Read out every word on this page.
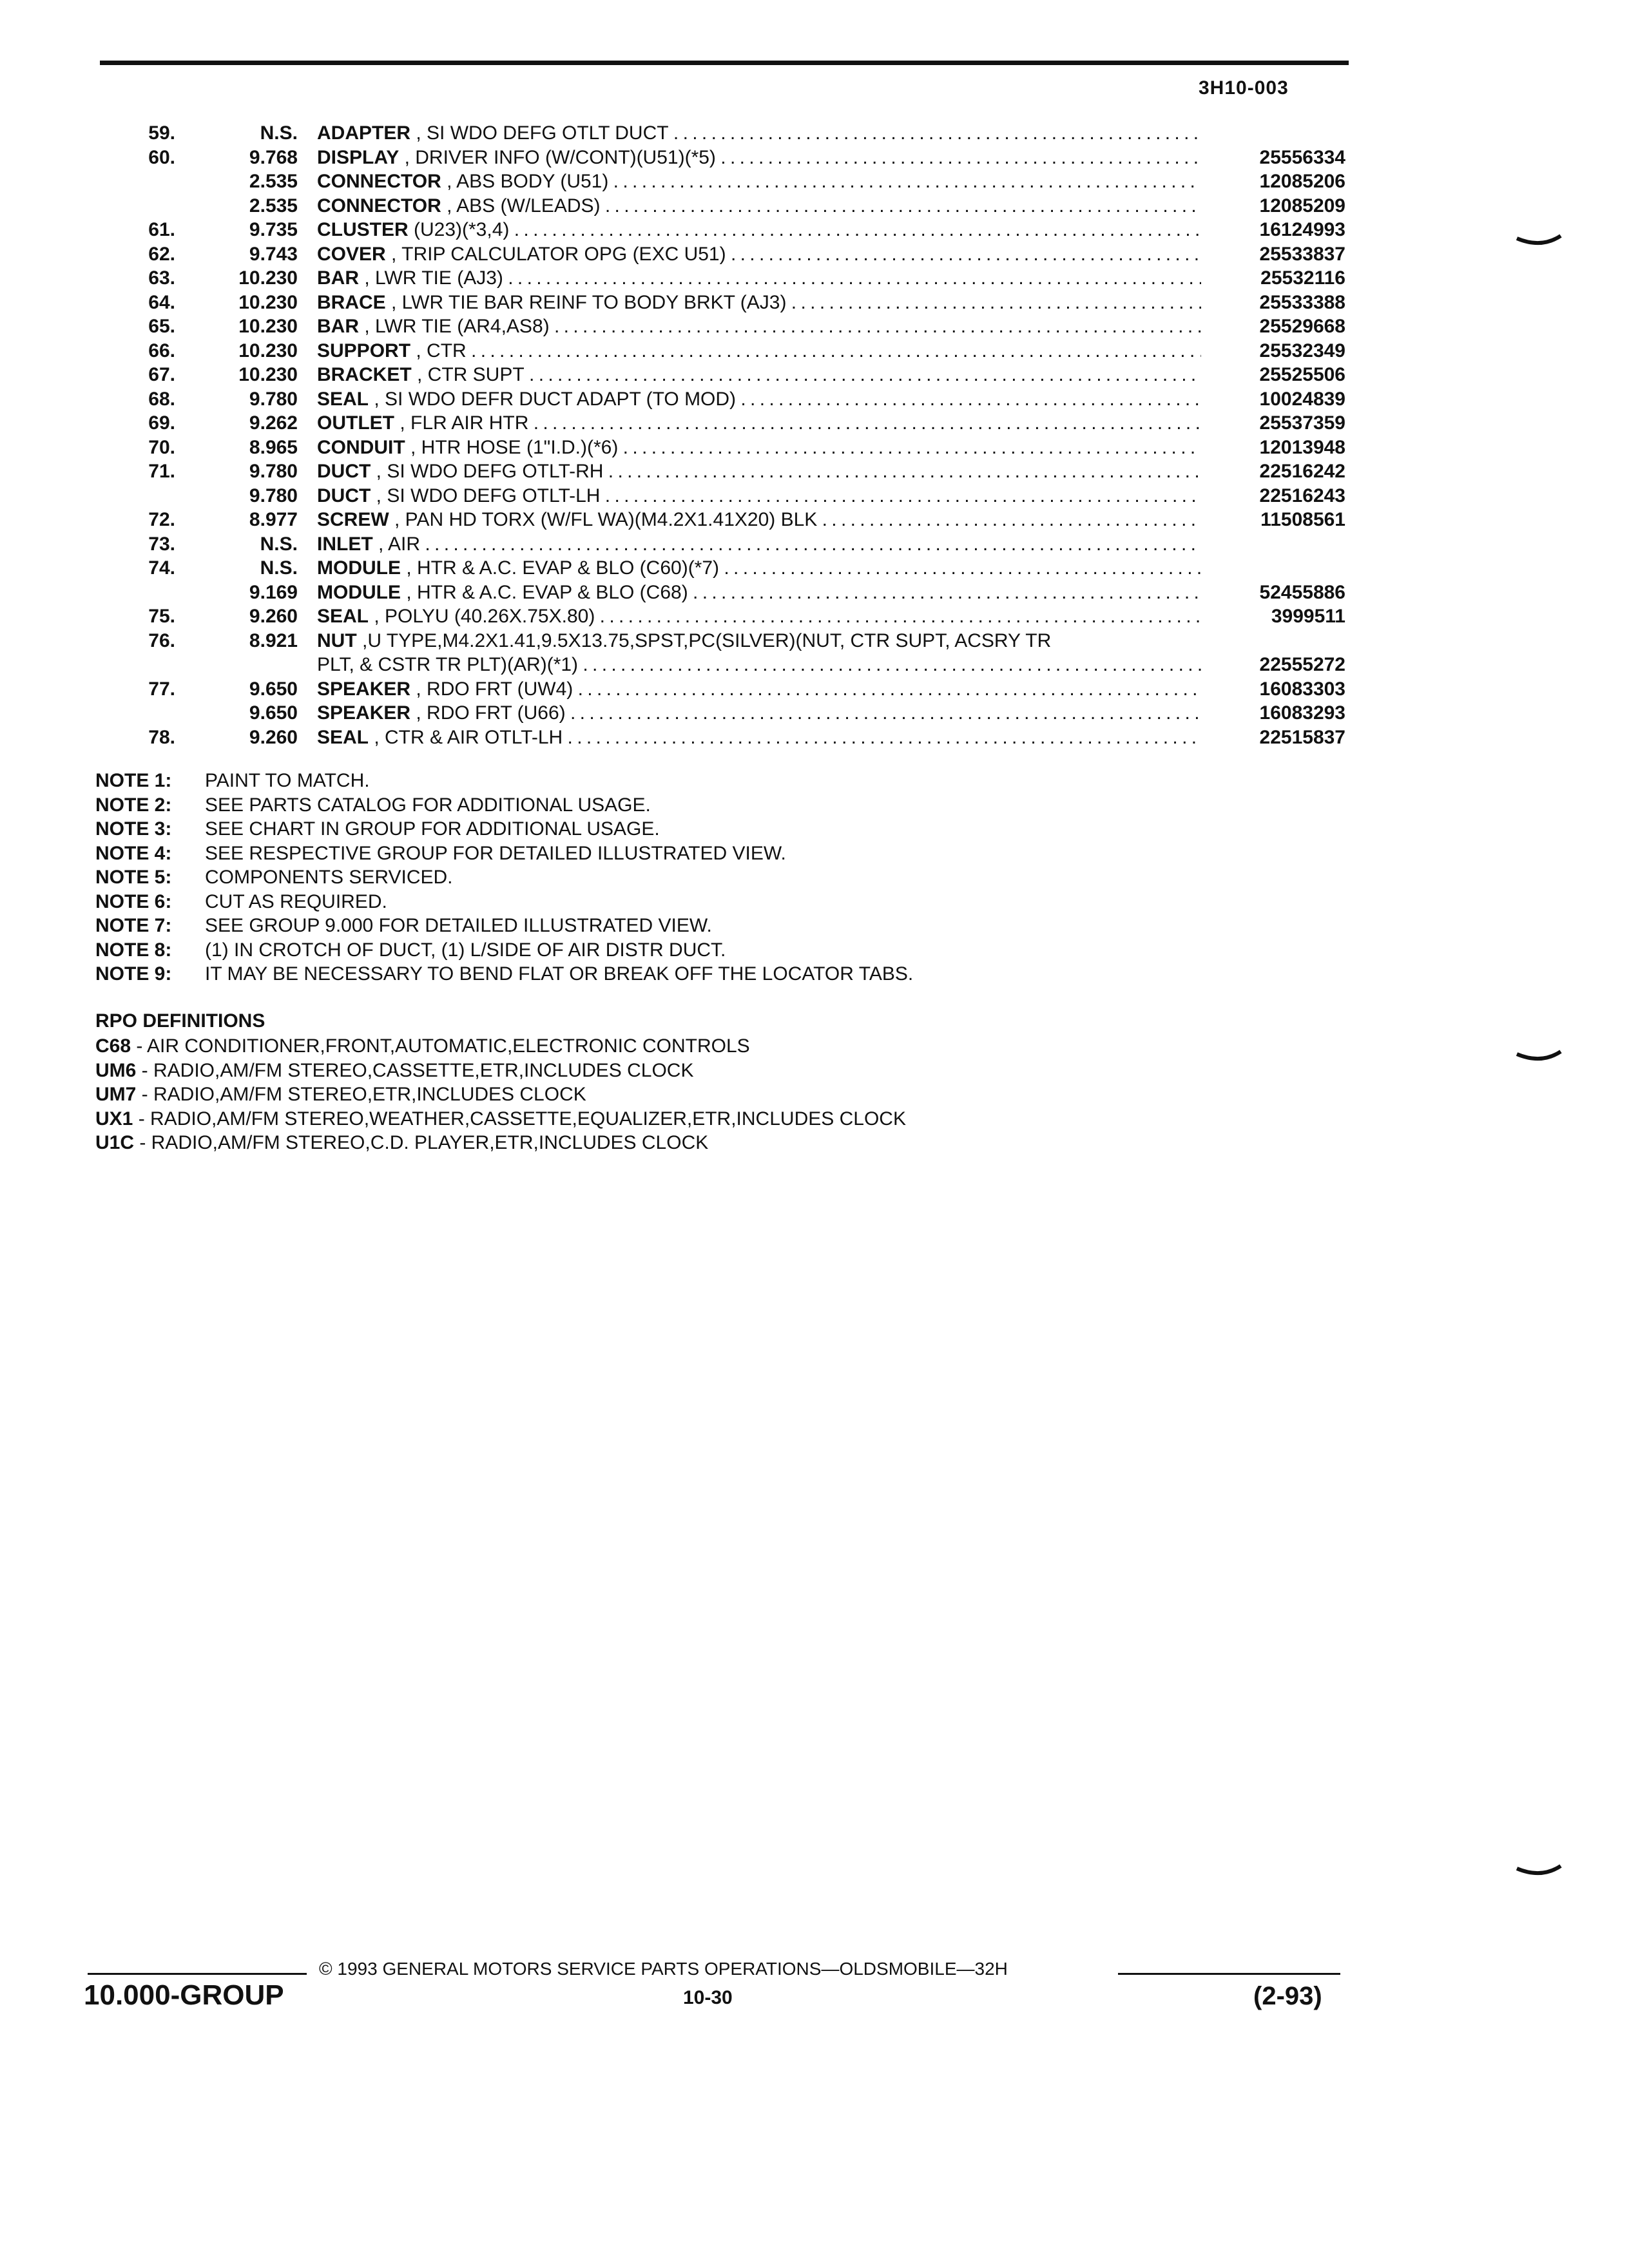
3H10-003
59.	N.S. ADAPTER , SI WDO DEFG OTLT DUCT . . .
60.	9.768 DISPLAY , DRIVER INFO (W/CONT)(U51)(*5) . . .	25556334
2.535 CONNECTOR , ABS BODY (U51) . . .	12085206
2.535 CONNECTOR , ABS (W/LEADS) . . .	12085209
61.	9.735 CLUSTER (U23)(*3,4) . . .	16124993
62.	9.743 COVER , TRIP CALCULATOR OPG (EXC U51) . . .	25533837
63.	10.230 BAR , LWR TIE (AJ3) . . .	25532116
64.	10.230 BRACE , LWR TIE BAR REINF TO BODY BRKT (AJ3) . . .	25533388
65.	10.230 BAR , LWR TIE (AR4,AS8) . . .	25529668
66.	10.230 SUPPORT , CTR . . .	25532349
67.	10.230 BRACKET , CTR SUPT . . .	25525506
68.	9.780 SEAL , SI WDO DEFR DUCT ADAPT (TO MOD) . . .	10024839
69.	9.262 OUTLET , FLR AIR HTR . . .	25537359
70.	8.965 CONDUIT , HTR HOSE (1"I.D.)(*6) . . .	12013948
71.	9.780 DUCT , SI WDO DEFG OTLT-RH . . .	22516242
9.780 DUCT , SI WDO DEFG OTLT-LH . . .	22516243
72.	8.977 SCREW , PAN HD TORX (W/FL WA)(M4.2X1.41X20) BLK . . .	11508561
73.	N.S. INLET , AIR . . .
74.	N.S. MODULE , HTR & A.C. EVAP & BLO (C60)(*7) . . .
9.169 MODULE , HTR & A.C. EVAP & BLO (C68) . . .	52455886
75.	9.260 SEAL , POLYU (40.26X.75X.80) . . .	3999511
76.	8.921 NUT ,U TYPE,M4.2X1.41,9.5X13.75,SPST,PC(SILVER)(NUT, CTR SUPT, ACSRY TR
PLT, & CSTR TR PLT)(AR)(*1) . . .	22555272
77.	9.650 SPEAKER , RDO FRT (UW4) . . .	16083303
9.650 SPEAKER , RDO FRT (U66) . . .	16083293
78.	9.260 SEAL , CTR & AIR OTLT-LH . . .	22515837
NOTE 1: PAINT TO MATCH.
NOTE 2: SEE PARTS CATALOG FOR ADDITIONAL USAGE.
NOTE 3: SEE CHART IN GROUP FOR ADDITIONAL USAGE.
NOTE 4: SEE RESPECTIVE GROUP FOR DETAILED ILLUSTRATED VIEW.
NOTE 5: COMPONENTS SERVICED.
NOTE 6: CUT AS REQUIRED.
NOTE 7: SEE GROUP 9.000 FOR DETAILED ILLUSTRATED VIEW.
NOTE 8: (1) IN CROTCH OF DUCT, (1) L/SIDE OF AIR DISTR DUCT.
NOTE 9: IT MAY BE NECESSARY TO BEND FLAT OR BREAK OFF THE LOCATOR TABS.
RPO DEFINITIONS
C68 - AIR CONDITIONER,FRONT,AUTOMATIC,ELECTRONIC CONTROLS
UM6 - RADIO,AM/FM STEREO,CASSETTE,ETR,INCLUDES CLOCK
UM7 - RADIO,AM/FM STEREO,ETR,INCLUDES CLOCK
UX1 - RADIO,AM/FM STEREO,WEATHER,CASSETTE,EQUALIZER,ETR,INCLUDES CLOCK
U1C - RADIO,AM/FM STEREO,C.D. PLAYER,ETR,INCLUDES CLOCK
© 1993 GENERAL MOTORS SERVICE PARTS OPERATIONS—OLDSMOBILE—32H
10.000-GROUP	10-30	(2-93)
